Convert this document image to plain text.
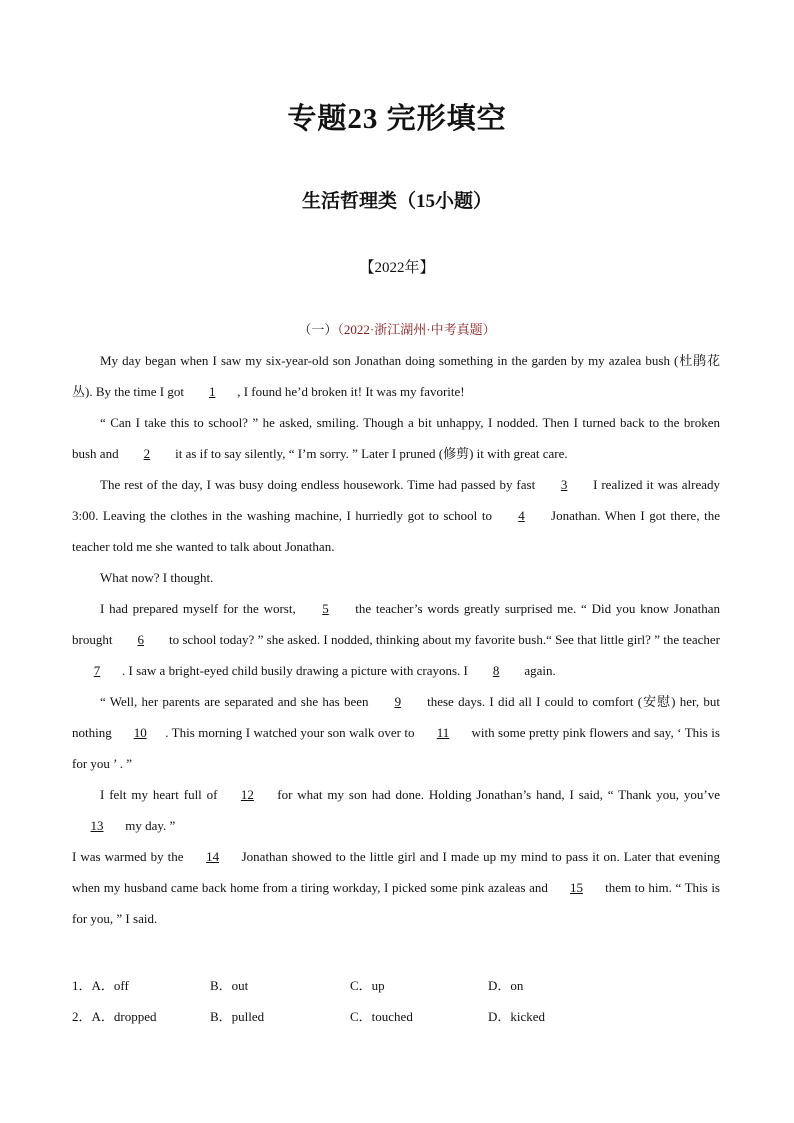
专题23 完形填空
生活哲理类（15小题）
【2022年】
（一）（2022·浙江湖州·中考真题）

My day began when I saw my six-year-old son Jonathan doing something in the garden by my azalea bush (杜鹃花丛). By the time I got 1 , I found he’d broken it! It was my favorite!

“ Can I take this to school? ” he asked, smiling. Though a bit unhappy, I nodded. Then I turned back to the broken bush and 2 it as if to say silently, “ I’m sorry. ” Later I pruned (修剪) it with great care.

The rest of the day, I was busy doing endless housework. Time had passed by fast 3 I realized it was already 3:00. Leaving the clothes in the washing machine, I hurriedly got to school to 4 Jonathan. When I got there, the teacher told me she wanted to talk about Jonathan.

What now? I thought.

I had prepared myself for the worst, 5 the teacher’s words greatly surprised me. “ Did you know Jonathan brought 6 to school today? ” she asked. I nodded, thinking about my favorite bush.“ See that little girl? ” the teacher 7 . I saw a bright-eyed child busily drawing a picture with crayons. I 8 again.

“ Well, her parents are separated and she has been 9 these days. I did all I could to comfort (安慰) her, but nothing 10 . This morning I watched your son walk over to 11 with some pretty pink flowers and say, ‘ This is for you ’ . ”

I felt my heart full of 12 for what my son had done. Holding Jonathan’s hand, I said, “ Thank you, you’ve 13 my day. ”

I was warmed by the 14 Jonathan showed to the little girl and I made up my mind to pass it on. Later that evening when my husband came back home from a tiring workday, I picked some pink azaleas and 15 them to him. “ This is for you, ” I said.

1．A．off	B．out	C．up	D．on
2．A．dropped	B．pulled	C．touched	D．kicked
